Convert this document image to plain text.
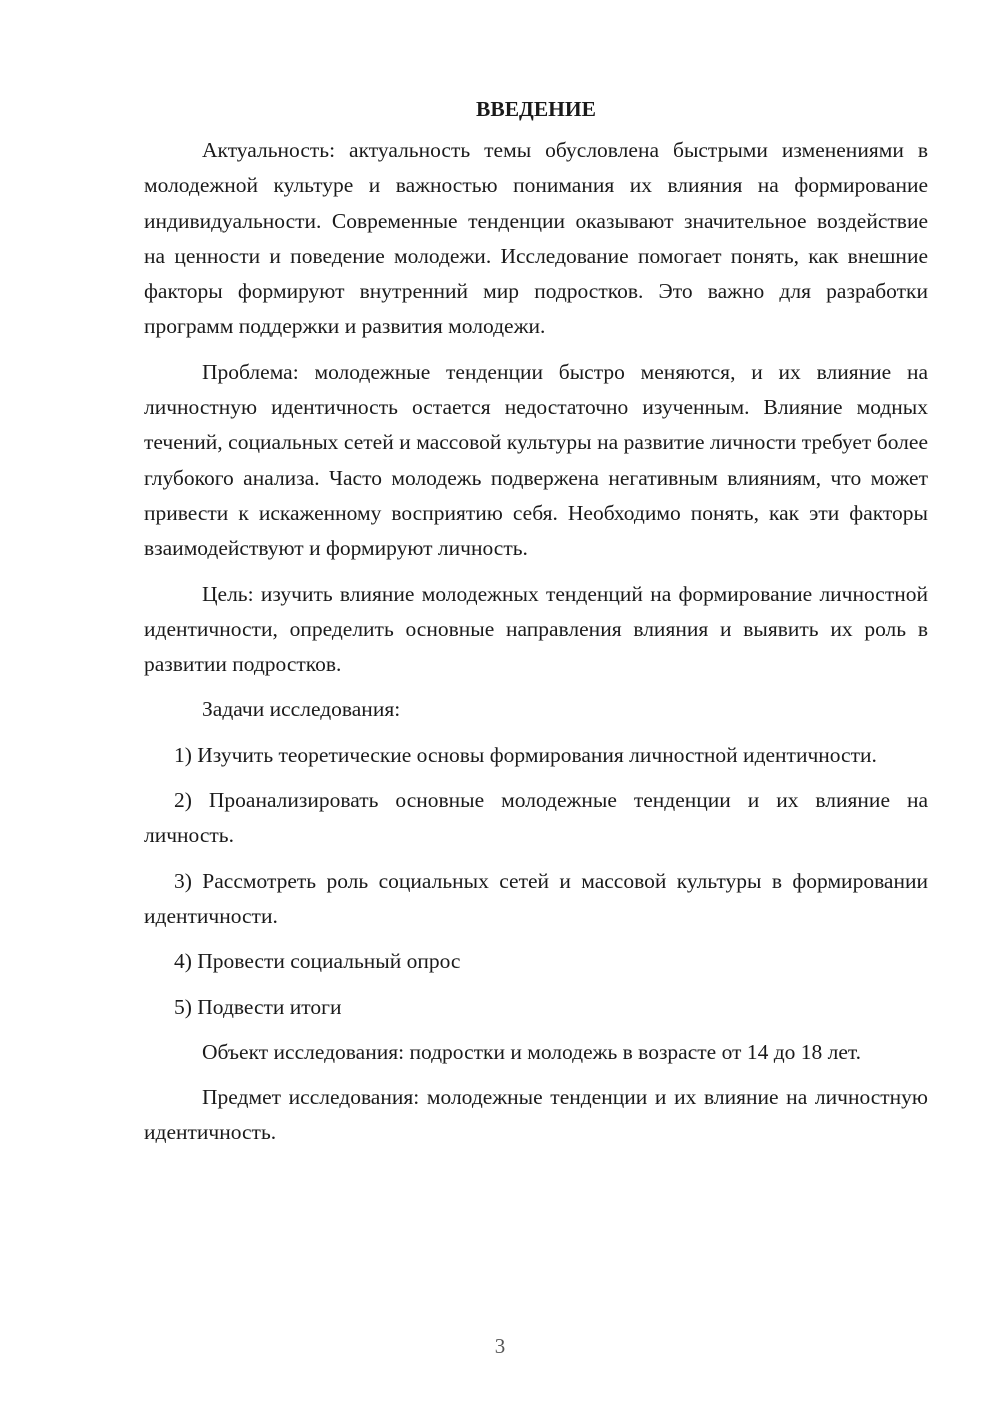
ВВЕДЕНИЕ

Актуальность: актуальность темы обусловлена быстрыми изменениями в молодежной культуре и важностью понимания их влияния на формирование индивидуальности. Современные тенденции оказывают значительное воздействие на ценности и поведение молодежи. Исследование помогает понять, как внешние факторы формируют внутренний мир подростков. Это важно для разработки программ поддержки и развития молодежи.

Проблема: молодежные тенденции быстро меняются, и их влияние на личностную идентичность остается недостаточно изученным. Влияние модных течений, социальных сетей и массовой культуры на развитие личности требует более глубокого анализа. Часто молодежь подвержена негативным влияниям, что может привести к искаженному восприятию себя. Необходимо понять, как эти факторы взаимодействуют и формируют личность.

Цель: изучить влияние молодежных тенденций на формирование личностной идентичности, определить основные направления влияния и выявить их роль в развитии подростков.

Задачи исследования:

1) Изучить теоретические основы формирования личностной идентичности.

2) Проанализировать основные молодежные тенденции и их влияние на личность.

3) Рассмотреть роль социальных сетей и массовой культуры в формировании идентичности.

4) Провести социальный опрос

5) Подвести итоги

Объект исследования: подростки и молодежь в возрасте от 14 до 18 лет.

Предмет исследования: молодежные тенденции и их влияние на личностную идентичность.

3
